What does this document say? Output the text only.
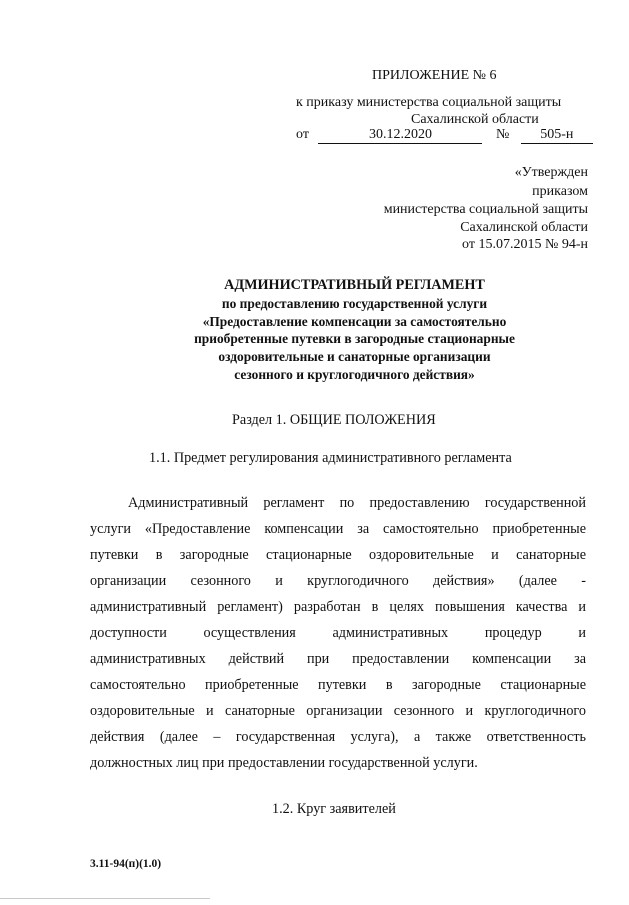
ПРИЛОЖЕНИЕ № 6
к приказу министерства социальной защиты
Сахалинской области
от	30.12.2020	№ 505-н
«Утвержден
приказом
министерства социальной защиты
Сахалинской области
от 15.07.2015 № 94-н
АДМИНИСТРАТИВНЫЙ РЕГЛАМЕНТ
по предоставлению государственной услуги
«Предоставление компенсации за самостоятельно
приобретенные путевки в загородные стационарные
оздоровительные и санаторные организации
сезонного и круглогодичного действия»
Раздел 1. ОБЩИЕ ПОЛОЖЕНИЯ
1.1. Предмет регулирования административного регламента
Административный регламент по предоставлению государственной
услуги «Предоставление компенсации за самостоятельно приобретенные
путевки в загородные стационарные оздоровительные и санаторные
организации сезонного и круглогодичного действия» (далее -
административный регламент) разработан в целях повышения качества и
доступности осуществления административных процедур и
административных действий при предоставлении компенсации за
самостоятельно приобретенные путевки в загородные стационарные
оздоровительные и санаторные организации сезонного и круглогодичного
действия (далее – государственная услуга), а также ответственность
должностных лиц при предоставлении государственной услуги.
1.2. Круг заявителей
3.11-94(п)(1.0)
